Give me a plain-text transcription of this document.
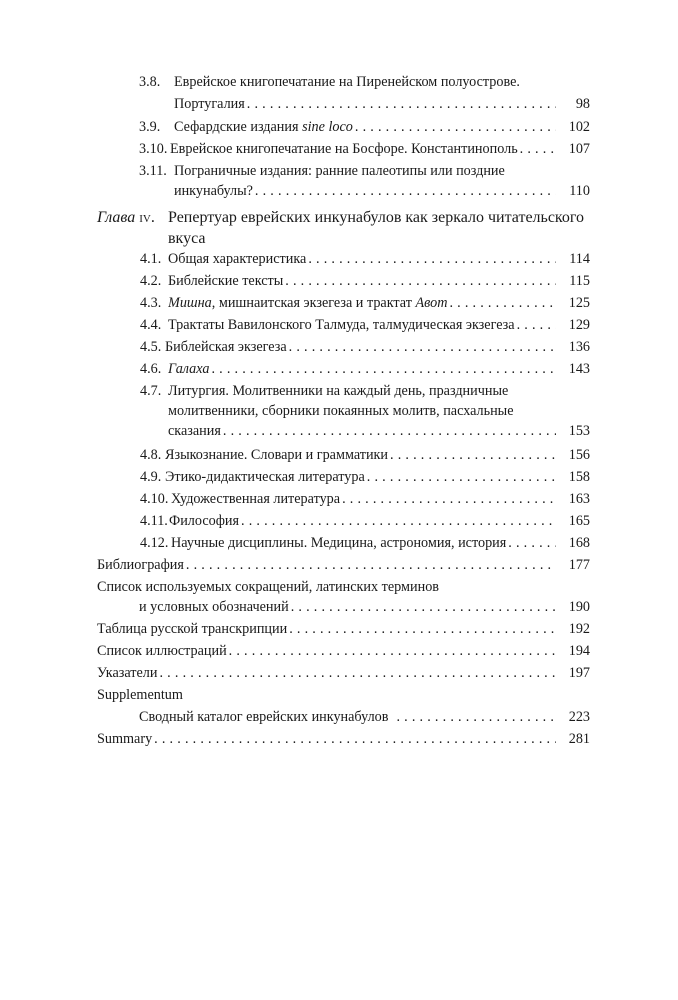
3.8. Еврейское книгопечатание на Пиренейском полуострове.
Португалия . . .	98
3.9. Сефардские издания sine loco . . .	102
3.10. Еврейское книгопечатание на Босфоре. Константинополь . . .	107
3.11. Пограничные издания: ранние палеотипы или поздние
инкунабулы? . . .	110
Глава iv. Репертуар еврейских инкунабулов как зеркало читательского
вкуса
4.1. Общая характеристика . . .	114
4.2. Библейские тексты . . .	115
4.3. Мишна, мишнаитская экзегеза и трактат Авот . . .	125
4.4. Трактаты Вавилонского Талмуда, талмудическая экзегеза . . .	129
4.5. Библейская экзегеза . . .	136
4.6. Галаха . . .	143
4.7. Литургия. Молитвенники на каждый день, праздничные
молитвенники, сборники покаянных молитв, пасхальные
сказания . . .	153
4.8. Языкознание. Словари и грамматики . . .	156
4.9. Этико-дидактическая литература . . .	158
4.10. Художественная литература . . .	163
4.11. Философия . . .	165
4.12. Научные дисциплины. Медицина, астрономия, история . . .	168
Библиография . . .	177
Список используемых сокращений, латинских терминов
и условных обозначений . . .	190
Таблица русской транскрипции . . .	192
Список иллюстраций . . .	194
Указатели . . .	197
Supplementum
Сводный каталог еврейских инкунабулов . . .	223
Summary . . .	281
